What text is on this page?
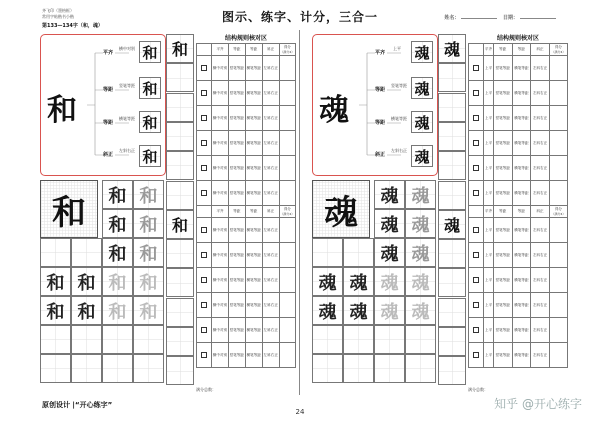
齐飞印（墨格框）
常用字帖楷书小楷
第133—134字（和，魂）
图示、练字、计分，三合一	姓名：	日期：
和
平齐
等距
等距
斜正
横中对别
竖笔等距
横笔等距
左斜右正
和
和
和
和
和	和 和
和 和
和 和
和 和 和 和
和 和 和 和
和
和
结构规则核对区
	平齐	等距	等距	斜正	得分
（满分4）

	横中对别	竖笔等距	横笔等距	左斜右正	

	横中对别	竖笔等距	横笔等距	左斜右正	

	横中对别	竖笔等距	横笔等距	左斜右正	

	横中对别	竖笔等距	横笔等距	左斜右正	

	横中对别	竖笔等距	横笔等距	左斜右正	

	横中对别	竖笔等距	横笔等距	左斜右正	
	平齐	等距	等距	斜正	得分
（满分4）

	横中对别	竖笔等距	横笔等距	左斜右正	

	横中对别	竖笔等距	横笔等距	左斜右正	

	横中对别	竖笔等距	横笔等距	左斜右正	

	横中对别	竖笔等距	横笔等距	左斜右正	

	横中对别	竖笔等距	横笔等距	左斜右正	

	横中对别	竖笔等距	横笔等距	左斜右正	
满分总数：
魂
平齐
等距
等距
斜正
上平
竖笔等距
横笔等距
左斜右正
魂
魂
魂
魂
魂	魂 魂
魂 魂
魂 魂
魂 魂 魂 魂
魂 魂 魂 魂
魂
魂
结构规则核对区
	平齐	等距	等距	斜正	得分
（满分4）

	上平	竖笔等距	横笔等距	左斜右正	

	上平	竖笔等距	横笔等距	左斜右正	

	上平	竖笔等距	横笔等距	左斜右正	

	上平	竖笔等距	横笔等距	左斜右正	

	上平	竖笔等距	横笔等距	左斜右正	

	上平	竖笔等距	横笔等距	左斜右正	
	平齐	等距	等距	斜正	得分
（满分4）

	上平	竖笔等距	横笔等距	左斜右正	

	上平	竖笔等距	横笔等距	左斜右正	

	上平	竖笔等距	横笔等距	左斜右正	

	上平	竖笔等距	横笔等距	左斜右正	

	上平	竖笔等距	横笔等距	左斜右正	

	上平	竖笔等距	横笔等距	左斜右正	
满分总数：
原创设计 |“开心练字”
24
知乎 @开心练字
